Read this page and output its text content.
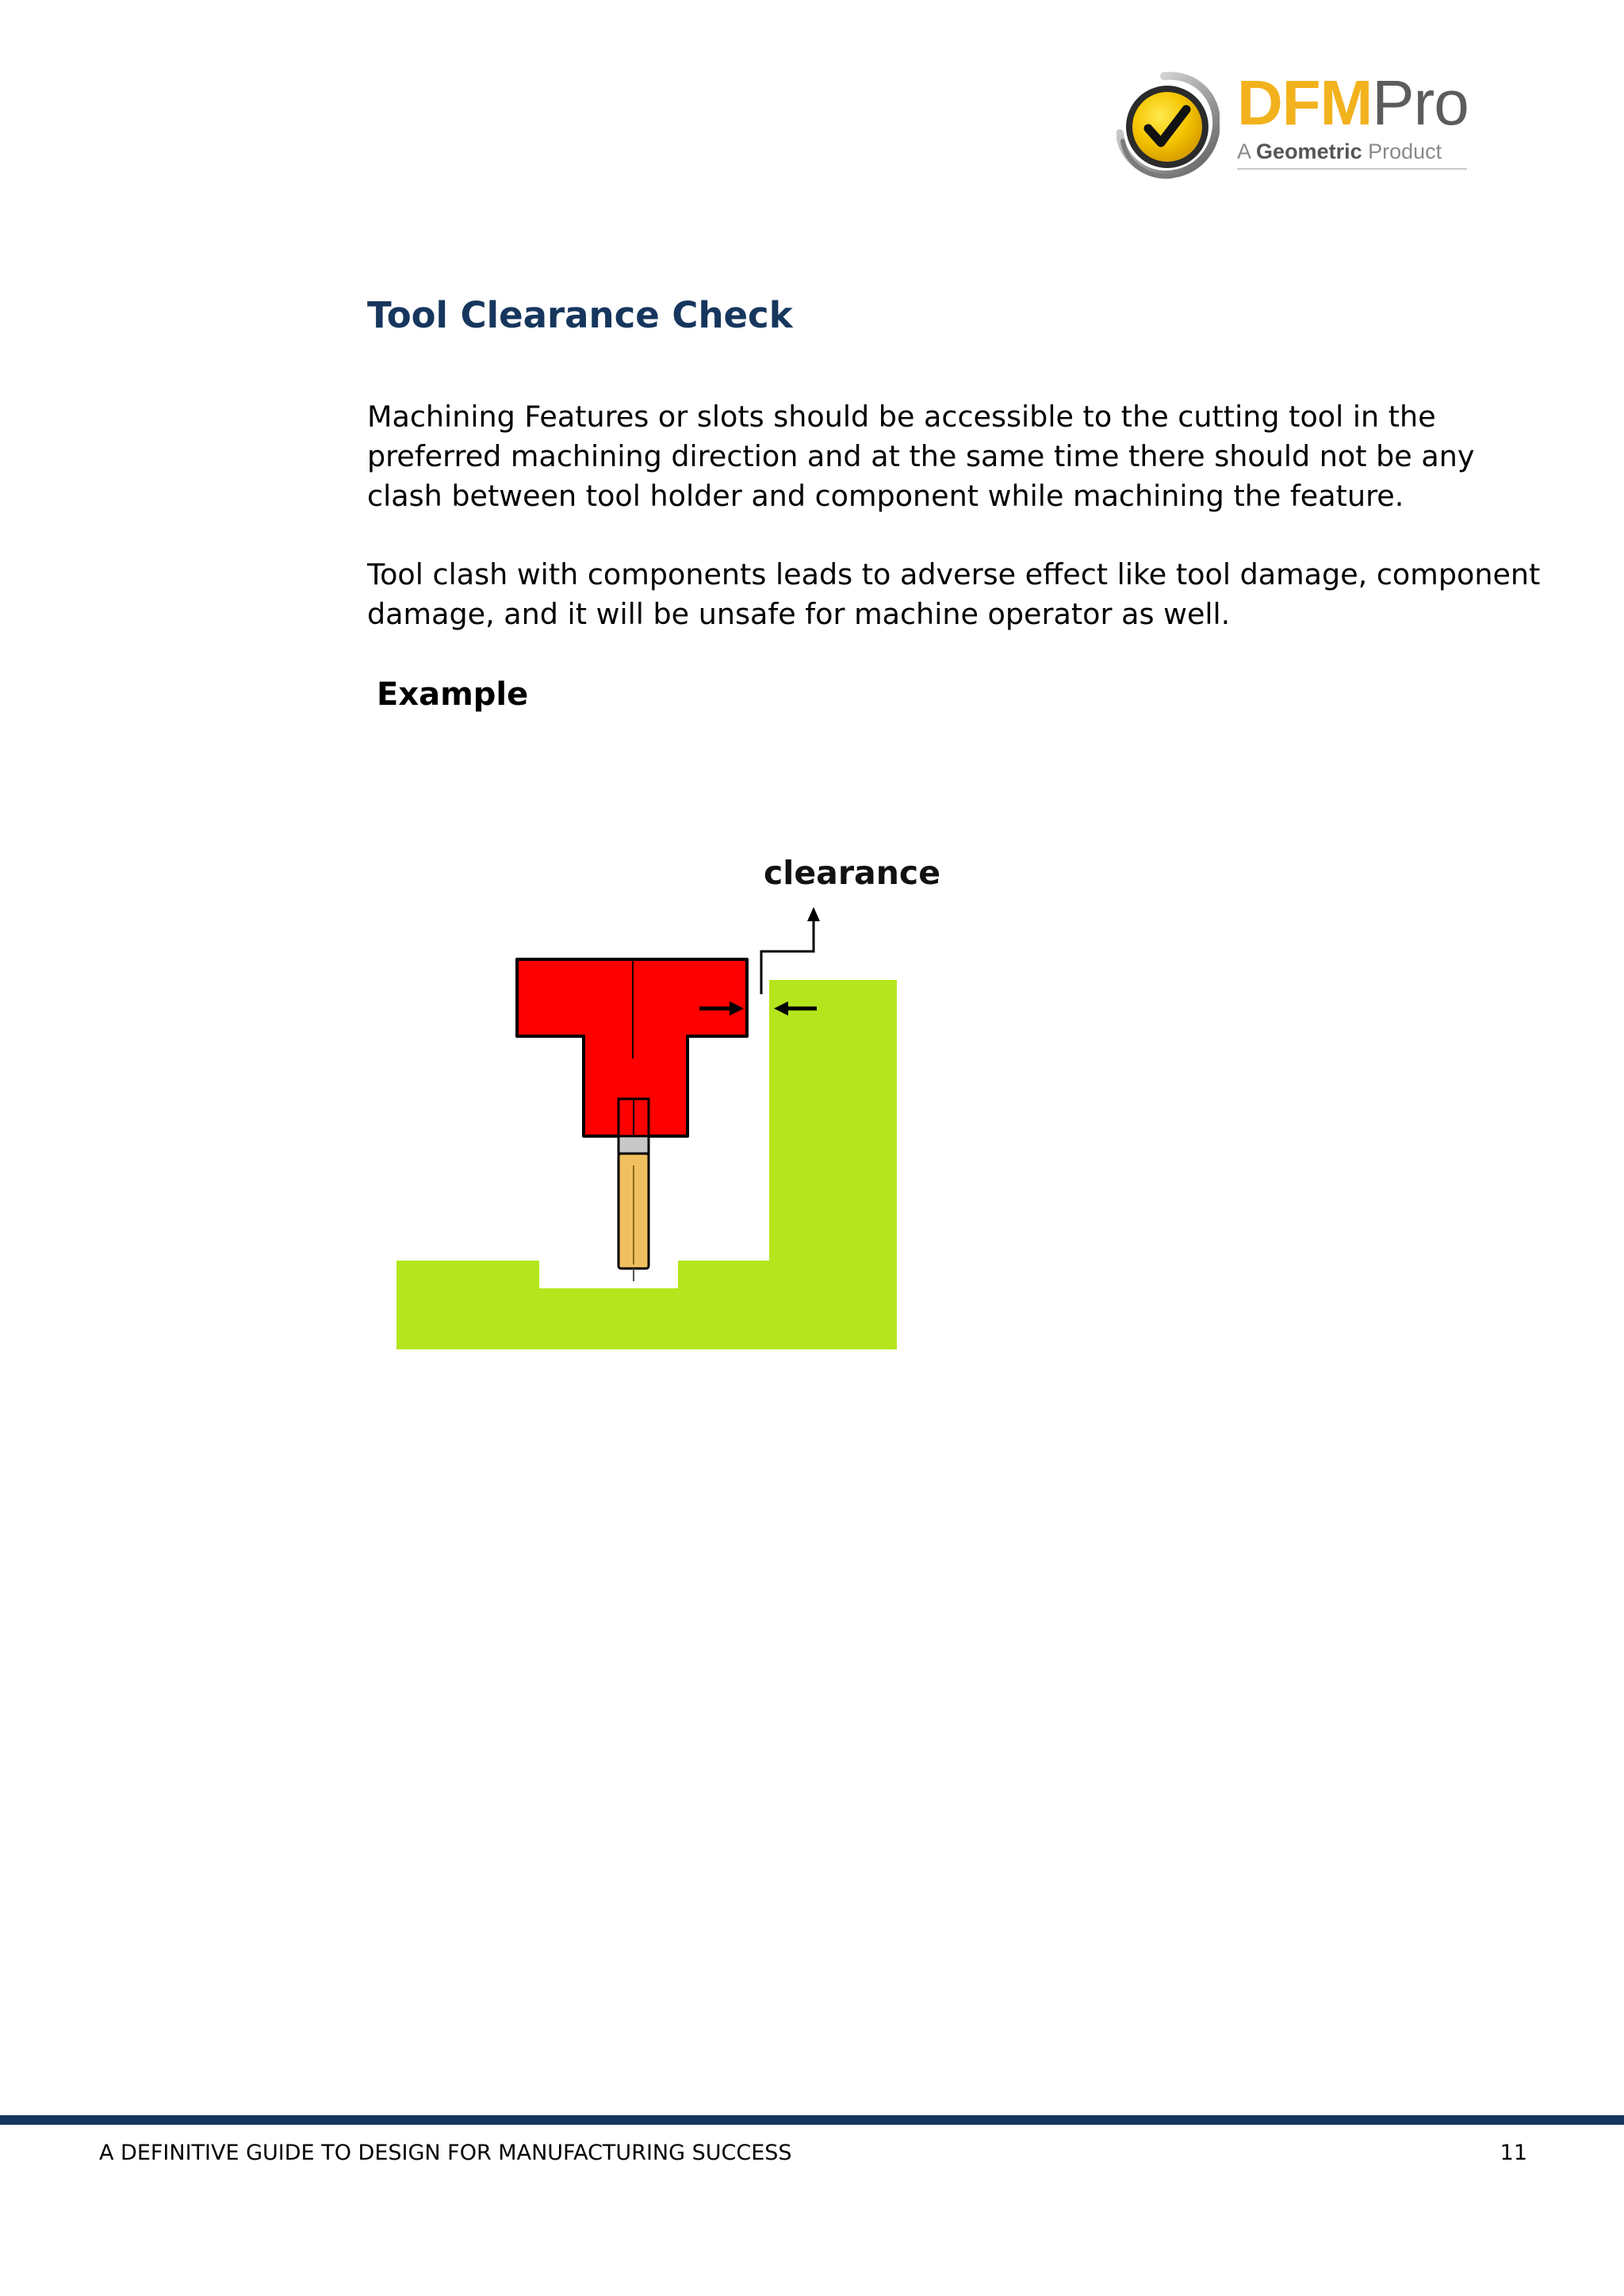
DFMPro
A Geometric Product
Tool Clearance Check

Machining Features or slots should be accessible to the cutting tool in the preferred machining direction and at the same time there should not be any clash between tool holder and component while machining the feature.

Tool clash with components leads to adverse effect like tool damage, component damage, and it will be unsafe for machine operator as well.

Example
clearance
A DEFINITIVE GUIDE TO DESIGN FOR MANUFACTURING SUCCESS	11
